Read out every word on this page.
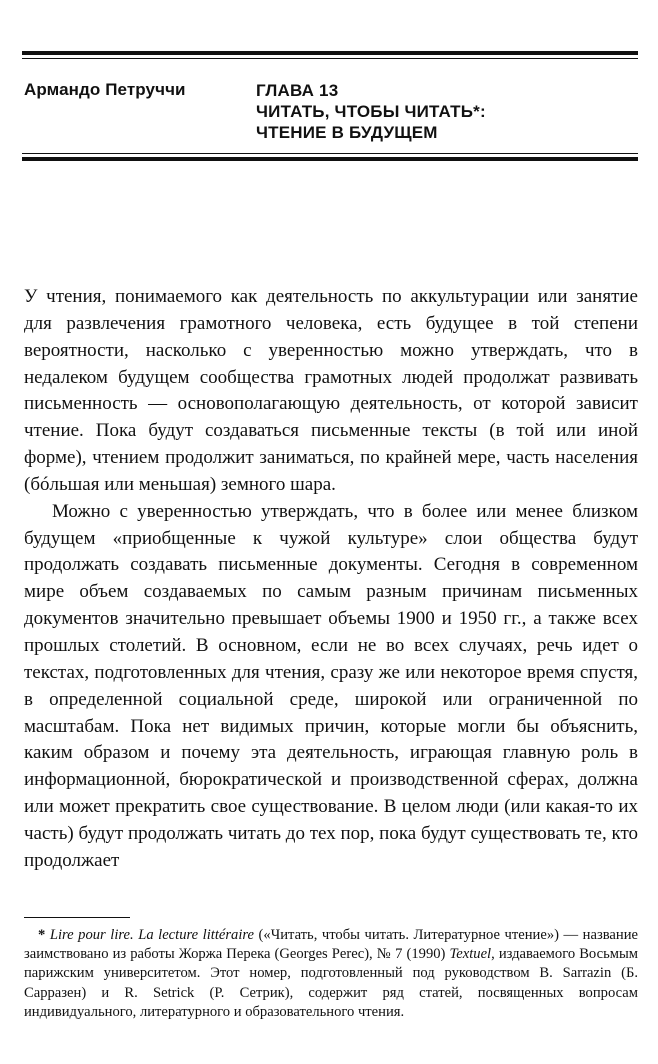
Армандо Петруччи	ГЛАВА 13
ЧИТАТЬ, ЧТОБЫ ЧИТАТЬ*:
ЧТЕНИЕ В БУДУЩЕМ

У чтения, понимаемого как деятельность по аккультурации или занятие для развлечения грамотного человека, есть будущее в той степени вероятности, насколько с уверенностью можно утверждать, что в недалеком будущем сообщества грамотных людей продолжат развивать письменность — основополагающую деятельность, от которой зависит чтение. Пока будут создаваться письменные тексты (в той или иной форме), чтением продолжит заниматься, по крайней мере, часть населения (бóльшая или меньшая) земного шара.

Можно с уверенностью утверждать, что в более или менее близком будущем «приобщенные к чужой культуре» слои общества будут продолжать создавать письменные документы. Сегодня в современном мире объем создаваемых по самым разным причинам письменных документов значительно превышает объемы 1900 и 1950 гг., а также всех прошлых столетий. В основном, если не во всех случаях, речь идет о текстах, подготовленных для чтения, сразу же или некоторое время спустя, в определенной социальной среде, широкой или ограниченной по масштабам. Пока нет видимых причин, которые могли бы объяснить, каким образом и почему эта деятельность, играющая главную роль в информационной, бюрократической и производственной сферах, должна или может прекратить свое существование. В целом люди (или какая-то их часть) будут продолжать читать до тех пор, пока будут существовать те, кто продолжает

* Lire pour lire. La lecture littéraire («Читать, чтобы читать. Литературное чтение») — название заимствовано из работы Жоржа Перека (Georges Perec), № 7 (1990) Textuel, издаваемого Восьмым парижским университетом. Этот номер, подготовленный под руководством B. Sarrazin (Б. Сарразен) и R. Setrick (Р. Сетрик), содержит ряд статей, посвященных вопросам индивидуального, литературного и образовательного чтения.
